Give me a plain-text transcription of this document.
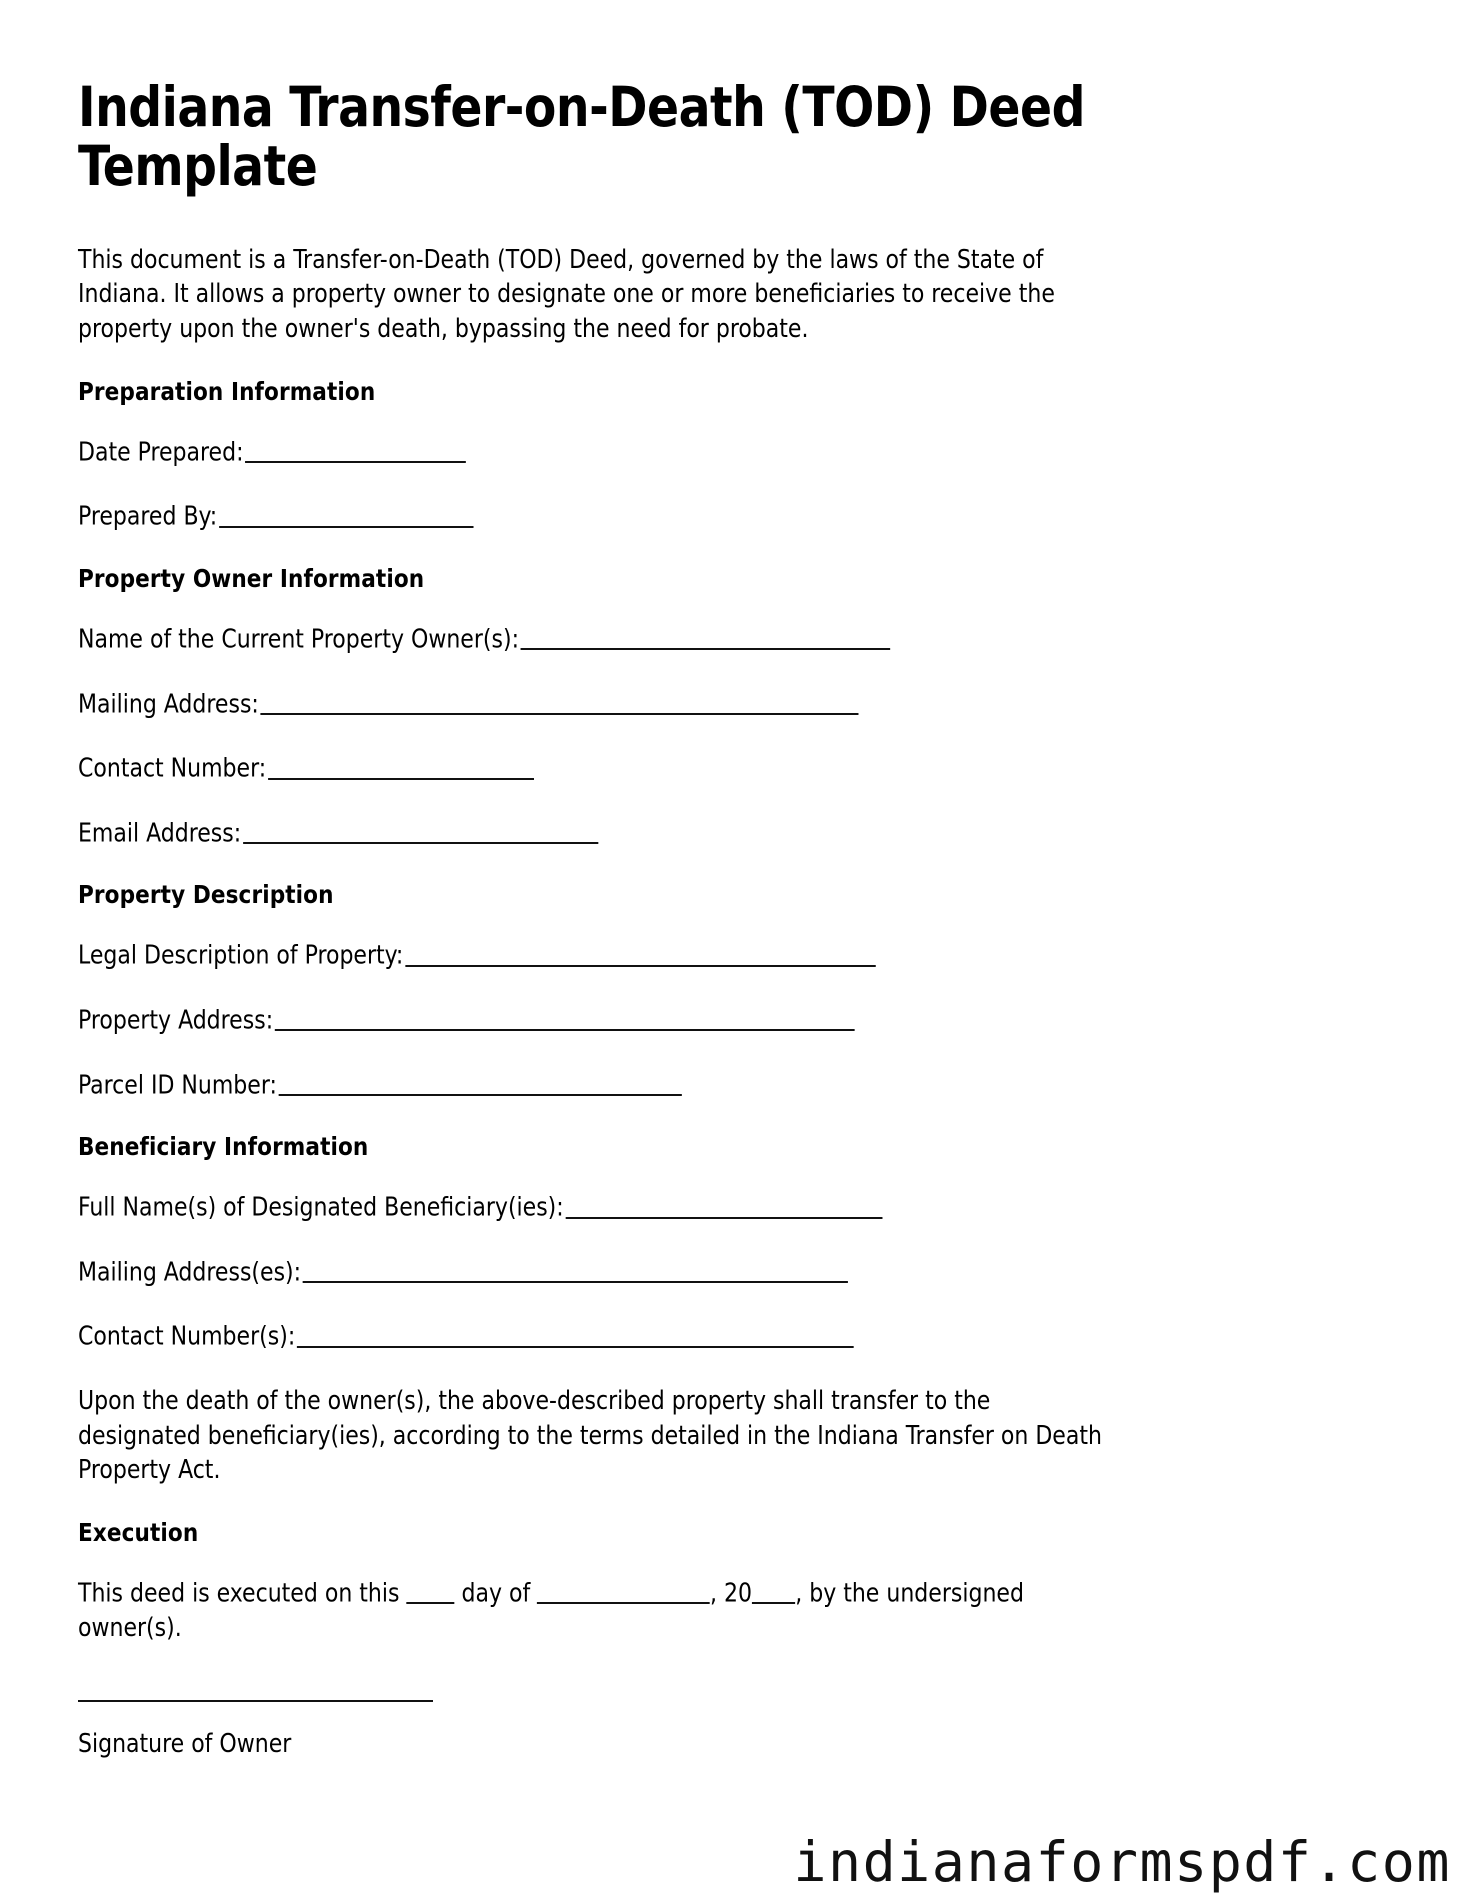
Indiana Transfer-on-Death (TOD) Deed Template

This document is a Transfer-on-Death (TOD) Deed, governed by the laws of the State of Indiana. It allows a property owner to designate one or more beneficiaries to receive the property upon the owner's death, bypassing the need for probate.

Preparation Information
Date Prepared:
Prepared By:
Property Owner Information
Name of the Current Property Owner(s):
Mailing Address:
Contact Number:
Email Address:
Property Description
Legal Description of Property:
Property Address:
Parcel ID Number:
Beneficiary Information
Full Name(s) of Designated Beneficiary(ies):
Mailing Address(es):
Contact Number(s):

Upon the death of the owner(s), the above-described property shall transfer to the designated beneficiary(ies), according to the terms detailed in the Indiana Transfer on Death Property Act.

Execution

This deed is executed on this day of	, 20 , by the undersigned owner(s).

Signature of Owner

indianaformspdf.com
